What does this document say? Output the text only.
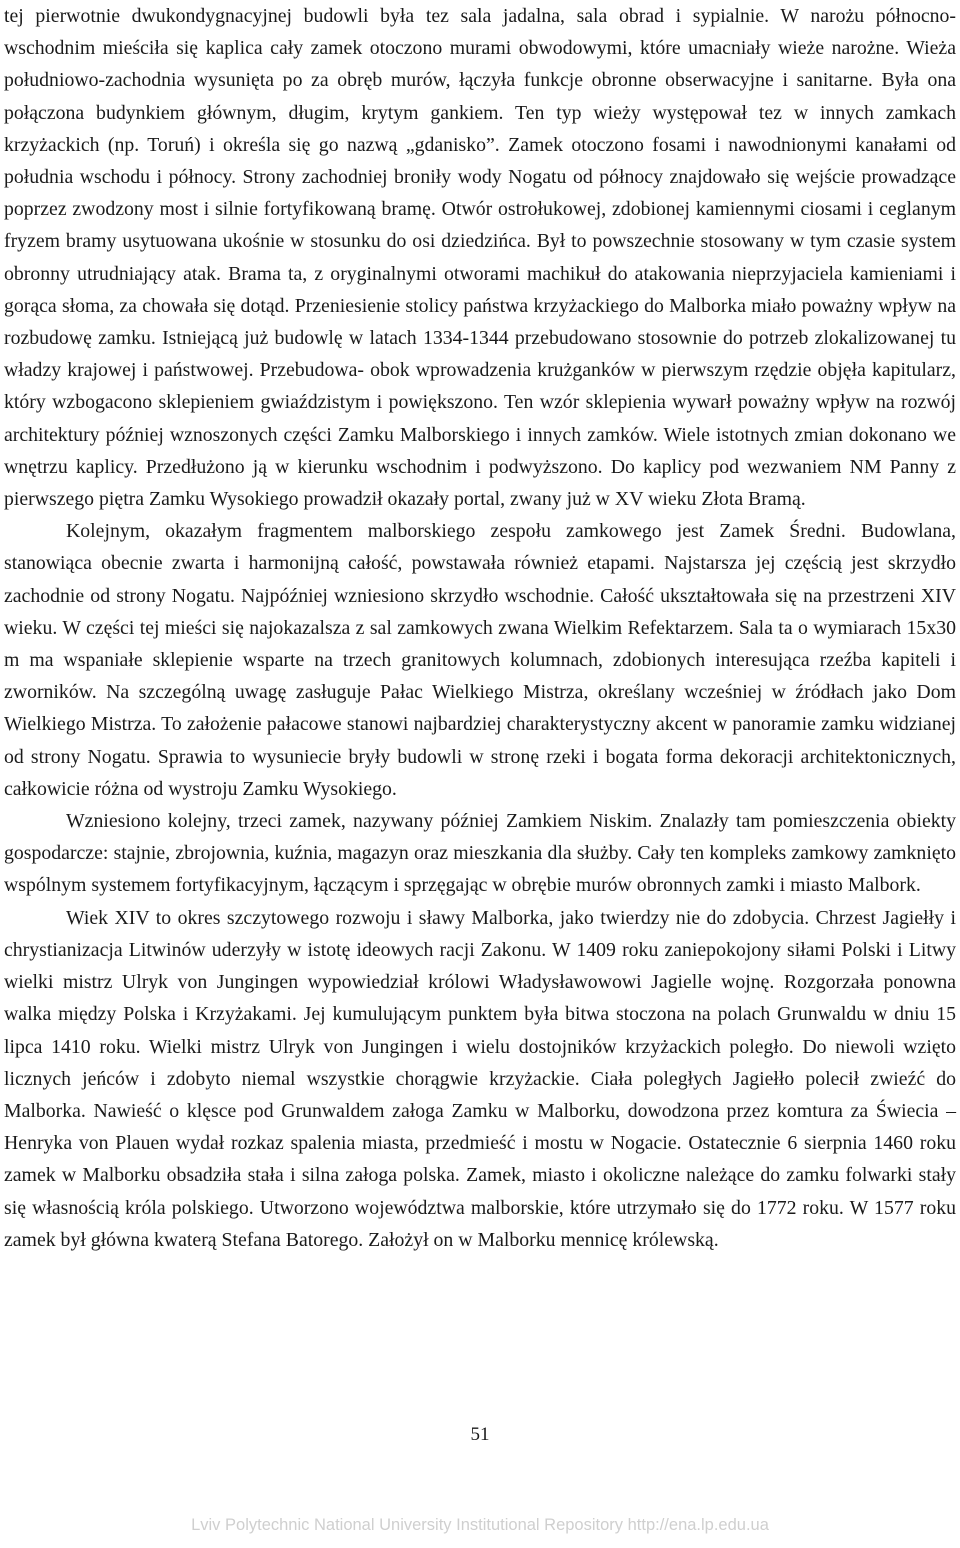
tej pierwotnie dwukondygnacyjnej budowli była tez sala jadalna, sala obrad i sypialnie. W narożu północno- wschodnim mieściła się kaplica cały zamek otoczono murami obwodowymi, które umacniały wieże narożne. Wieża południowo-zachodnia wysunięta po za obręb murów, łączyła funkcje obronne obserwacyjne i sanitarne. Była ona połączona budynkiem głównym, długim, krytym gankiem. Ten typ wieży występował tez w innych zamkach krzyżackich (np. Toruń) i określa się go nazwą „gdanisko”. Zamek otoczono fosami i nawodnionymi kanałami od południa wschodu i północy. Strony zachodniej broniły wody Nogatu od północy znajdowało się wejście prowadzące poprzez zwodzony most i silnie fortyfikowaną bramę. Otwór ostrołukowej, zdobionej kamiennymi ciosami i ceglanym fryzem bramy usytuowana ukośnie w stosunku do osi dziedzińca. Był to powszechnie stosowany w tym czasie system obronny utrudniający atak. Brama ta, z oryginalnymi otworami machikuł do atakowania nieprzyjaciela kamieniami i gorąca słoma, za chowała się dotąd. Przeniesienie stolicy państwa krzyżackiego do Malborka miało poważny wpływ na rozbudowę zamku. Istniejącą już budowlę w latach 1334-1344 przebudowano stosownie do potrzeb zlokalizowanej tu władzy krajowej i państwowej. Przebudowa- obok wprowadzenia krużganków w pierwszym rzędzie objęła kapitularz, który wzbogacono sklepieniem gwiaździstym i powiększono. Ten wzór sklepienia wywarł poważny wpływ na rozwój architektury później wznoszonych części Zamku Malborskiego i innych zamków. Wiele istotnych zmian dokonano we wnętrzu kaplicy. Przedłużono ją w kierunku wschodnim i podwyższono. Do kaplicy pod wezwaniem NM Panny z pierwszego piętra Zamku Wysokiego prowadził okazały portal, zwany już w XV wieku Złota Bramą.

Kolejnym, okazałym fragmentem malborskiego zespołu zamkowego jest Zamek Średni. Budowlana, stanowiąca obecnie zwarta i harmonijną całość, powstawała również etapami. Najstarsza jej częścią jest skrzydło zachodnie od strony Nogatu. Najpóźniej wzniesiono skrzydło wschodnie. Całość ukształtowała się na przestrzeni XIV wieku. W części tej mieści się najokazalsza z sal zamkowych zwana Wielkim Refektarzem. Sala ta o wymiarach 15x30 m ma wspaniałe sklepienie wsparte na trzech granitowych kolumnach, zdobionych interesująca rzeźba kapiteli i zworników. Na szczególną uwagę zasługuje Pałac Wielkiego Mistrza, określany wcześniej w źródłach jako Dom Wielkiego Mistrza. To założenie pałacowe stanowi najbardziej charakterystyczny akcent w panoramie zamku widzianej od strony Nogatu. Sprawia to wysuniecie bryły budowli w stronę rzeki i bogata forma dekoracji architektonicznych, całkowicie różna od wystroju Zamku Wysokiego.

Wzniesiono kolejny, trzeci zamek, nazywany później Zamkiem Niskim. Znalazły tam pomieszczenia obiekty gospodarcze: stajnie, zbrojownia, kuźnia, magazyn oraz mieszkania dla służby. Cały ten kompleks zamkowy zamknięto wspólnym systemem fortyfikacyjnym, łączącym i sprzęgając w obrębie murów obronnych zamki i miasto Malbork.

Wiek XIV to okres szczytowego rozwoju i sławy Malborka, jako twierdzy nie do zdobycia. Chrzest Jagiełły i chrystianizacja Litwinów uderzyły w istotę ideowych racji Zakonu. W 1409 roku zaniepokojony siłami Polski i Litwy wielki mistrz Ulryk von Jungingen wypowiedział królowi Władysławowowi Jagielle wojnę. Rozgorzała ponowna walka między Polska i Krzyżakami. Jej kumulującym punktem była bitwa stoczona na polach Grunwaldu w dniu 15 lipca 1410 roku. Wielki mistrz Ulryk von Jungingen i wielu dostojników krzyżackich poległo. Do niewoli wzięto licznych jeńców i zdobyto niemal wszystkie chorągwie krzyżackie. Ciała poległych Jagiełło polecił zwieźć do Malborka. Nawieść o klęsce pod Grunwaldem załoga Zamku w Malborku, dowodzona przez komtura za Świecia – Henryka von Plauen wydał rozkaz spalenia miasta, przedmieść i mostu w Nogacie. Ostatecznie 6 sierpnia 1460 roku zamek w Malborku obsadziła stała i silna załoga polska. Zamek, miasto i okoliczne należące do zamku folwarki stały się własnością króla polskiego. Utworzono województwa malborskie, które utrzymało się do 1772 roku. W 1577 roku zamek był główna kwaterą Stefana Batorego. Założył on w Malborku mennicę królewską.

51
Lviv Polytechnic National University Institutional Repository http://ena.lp.edu.ua
